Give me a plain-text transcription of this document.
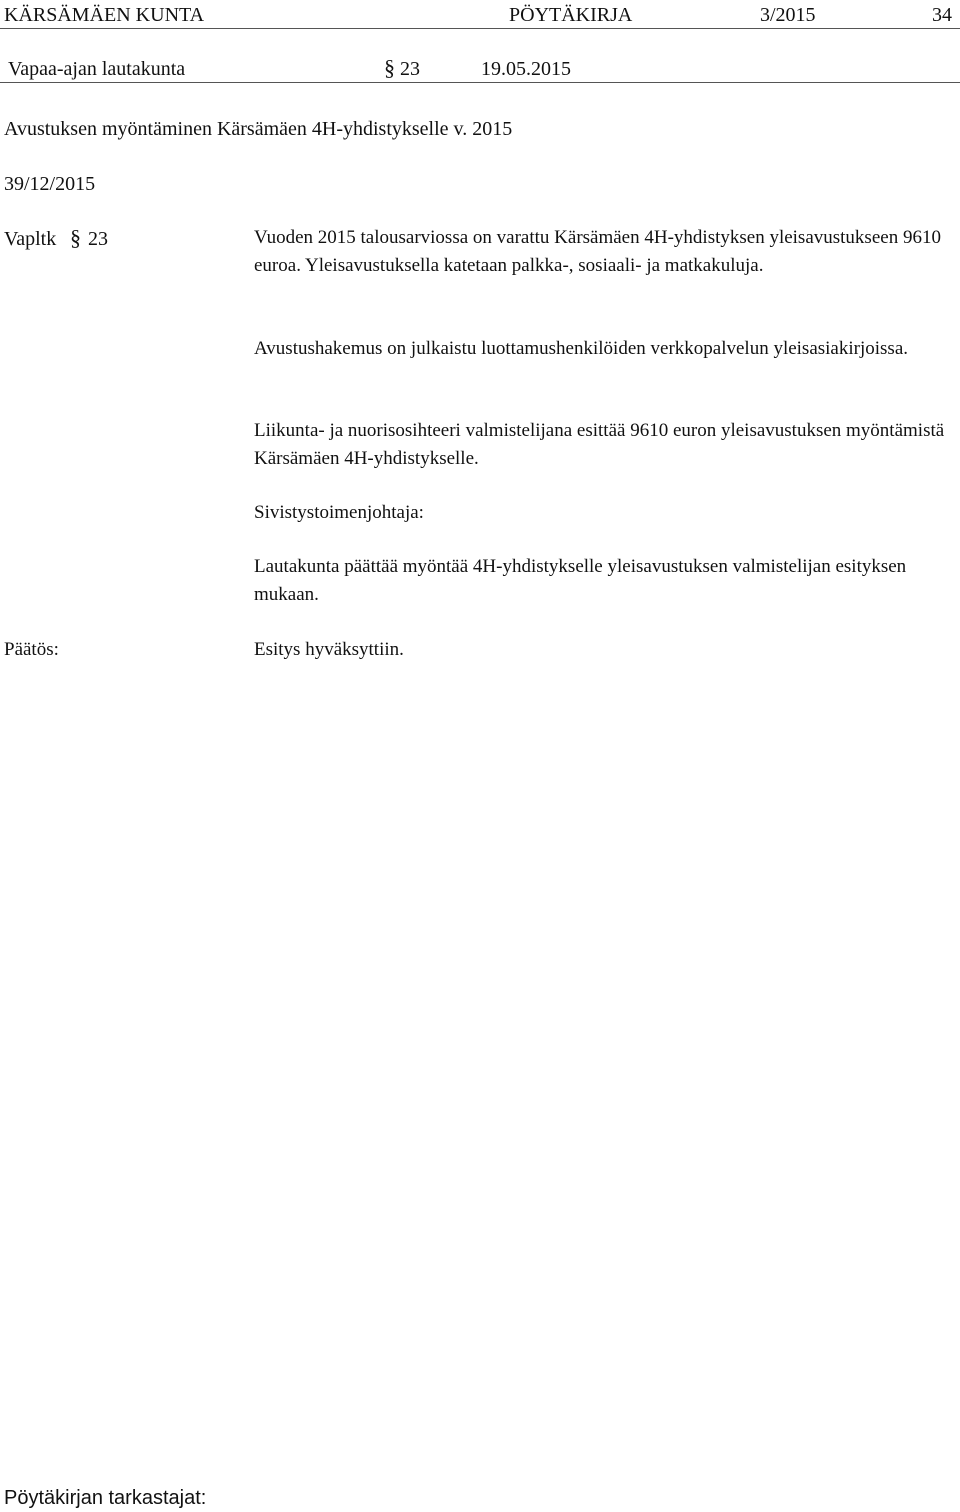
KÄRSÄMÄEN KUNTA	PÖYTÄKIRJA	3/2015	34
Vapaa-ajan lautakunta	§ 23	19.05.2015
Avustuksen myöntäminen Kärsämäen 4H-yhdistykselle v. 2015
39/12/2015
Vapltk § 23	Vuoden 2015 talousarviossa on varattu Kärsämäen 4H-yhdistyksen yleisavustukseen 9610 euroa. Yleisavustuksella katetaan palkka-, sosiaali- ja matkakuluja.
Avustushakemus on julkaistu luottamushenkilöiden verkkopalvelun yleisasiakirjoissa.
Liikunta- ja nuorisosihteeri valmistelijana esittää 9610 euron yleisavustuksen myöntämistä Kärsämäen 4H-yhdistykselle.
Sivistystoimenjohtaja:
Lautakunta päättää myöntää 4H-yhdistykselle yleisavustuksen valmistelijan esityksen mukaan.
Päätös:	Esitys hyväksyttiin.
Pöytäkirjan tarkastajat:
